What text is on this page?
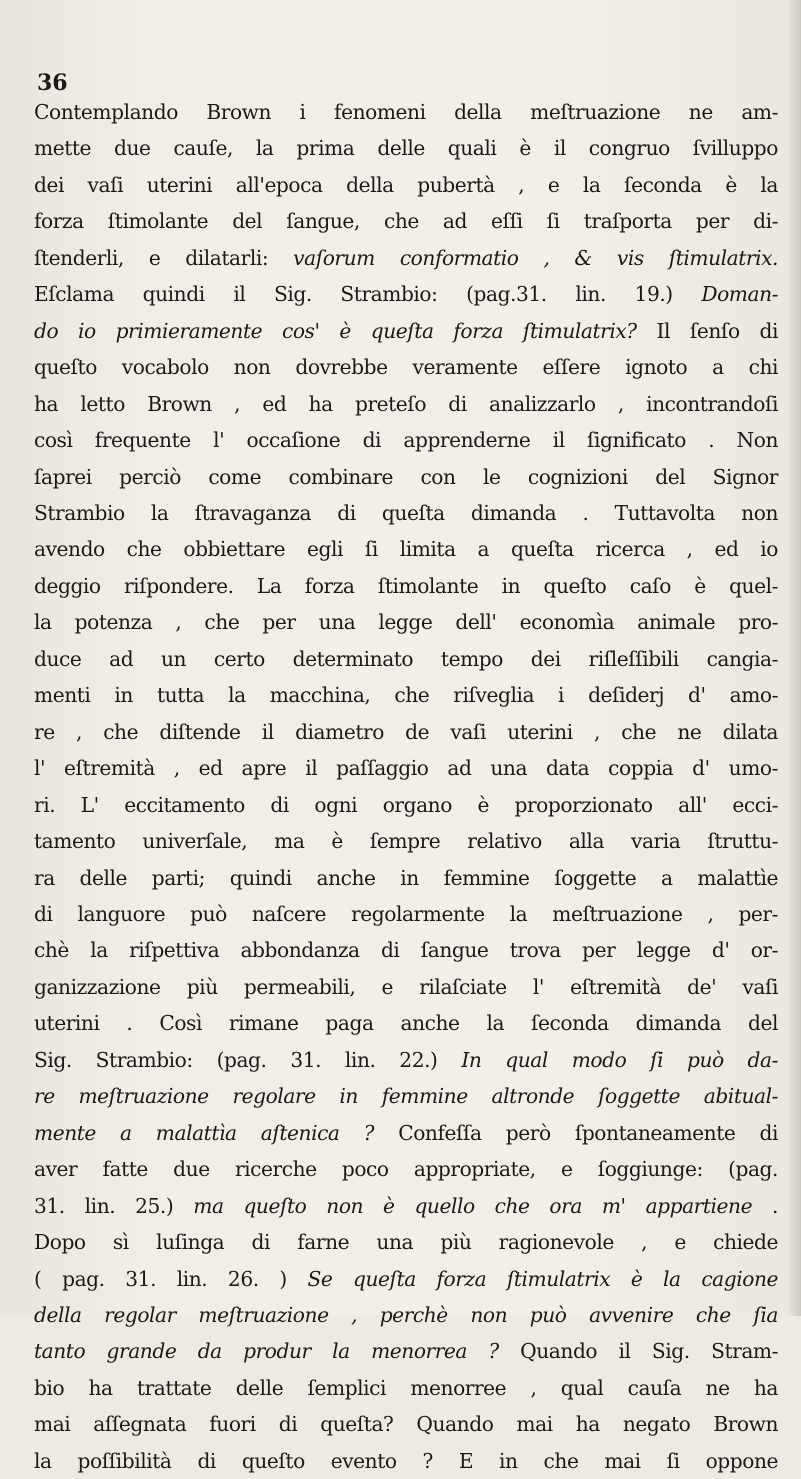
36
Contemplando Brown i fenomeni della meſtruazione ne am-
mette due cauſe, la prima delle quali è il congruo ſvilluppo
dei vaſi uterini all'epoca della pubertà , e la ſeconda è la
forza ſtimolante del ſangue, che ad eſſi ſi traſporta per di-
ſtenderli, e dilatarli: vaſorum conformatio , & vis ſtimulatrix.
Eſclama quindi il Sig. Strambio: (pag.31. lin. 19.) Doman-
do io primieramente cos' è queſta forza ſtimulatrix? Il ſenſo di
queſto vocabolo non dovrebbe veramente eſſere ignoto a chi
ha letto Brown , ed ha preteſo di analizzarlo , incontrandoſi
così frequente l' occaſione di apprenderne il ſignificato . Non
ſaprei perciò come combinare con le cognizioni del Signor
Strambio la ſtravaganza di queſta dimanda . Tuttavolta non
avendo che obbiettare egli ſi limita a queſta ricerca , ed io
deggio riſpondere. La forza ſtimolante in queſto caſo è quel-
la potenza , che per una legge dell' economìa animale pro-
duce ad un certo determinato tempo dei riſleſſibili cangia-
menti in tutta la macchina, che riſveglia i deſiderj d' amo-
re , che diſtende il diametro de vaſi uterini , che ne dilata
l' eſtremità , ed apre il paſſaggio ad una data coppia d' umo-
ri. L' eccitamento di ogni organo è proporzionato all' ecci-
tamento univerſale, ma è ſempre relativo alla varia ſtruttu-
ra delle parti; quindi anche in femmine ſoggette a malattìe
di languore può naſcere regolarmente la meſtruazione , per-
chè la riſpettiva abbondanza di ſangue trova per legge d' or-
ganizzazione più permeabili, e rilaſciate l' eſtremità de' vaſi
uterini . Così rimane paga anche la ſeconda dimanda del
Sig. Strambio: (pag. 31. lin. 22.) In qual modo ſi può da-
re meſtruazione regolare in femmine altronde ſoggette abitual-
mente a malattìa aſtenica ? Confeſſa però ſpontaneamente di
aver fatte due ricerche poco appropriate, e ſoggiunge: (pag.
31. lin. 25.) ma queſto non è quello che ora m' appartiene .
Dopo sì luſinga di farne una più ragionevole , e chiede
( pag. 31. lin. 26. ) Se queſta forza ſtimulatrix è la cagione
della regolar meſtruazione , perchè non può avvenire che ſia
tanto grande da produr la menorrea ? Quando il Sig. Stram-
bio ha trattate delle ſemplici menorree , qual cauſa ne ha
mai aſſegnata fuori di queſta? Quando mai ha negato Brown
la poſſibilità di queſto evento ? E in che mai ſi oppone
